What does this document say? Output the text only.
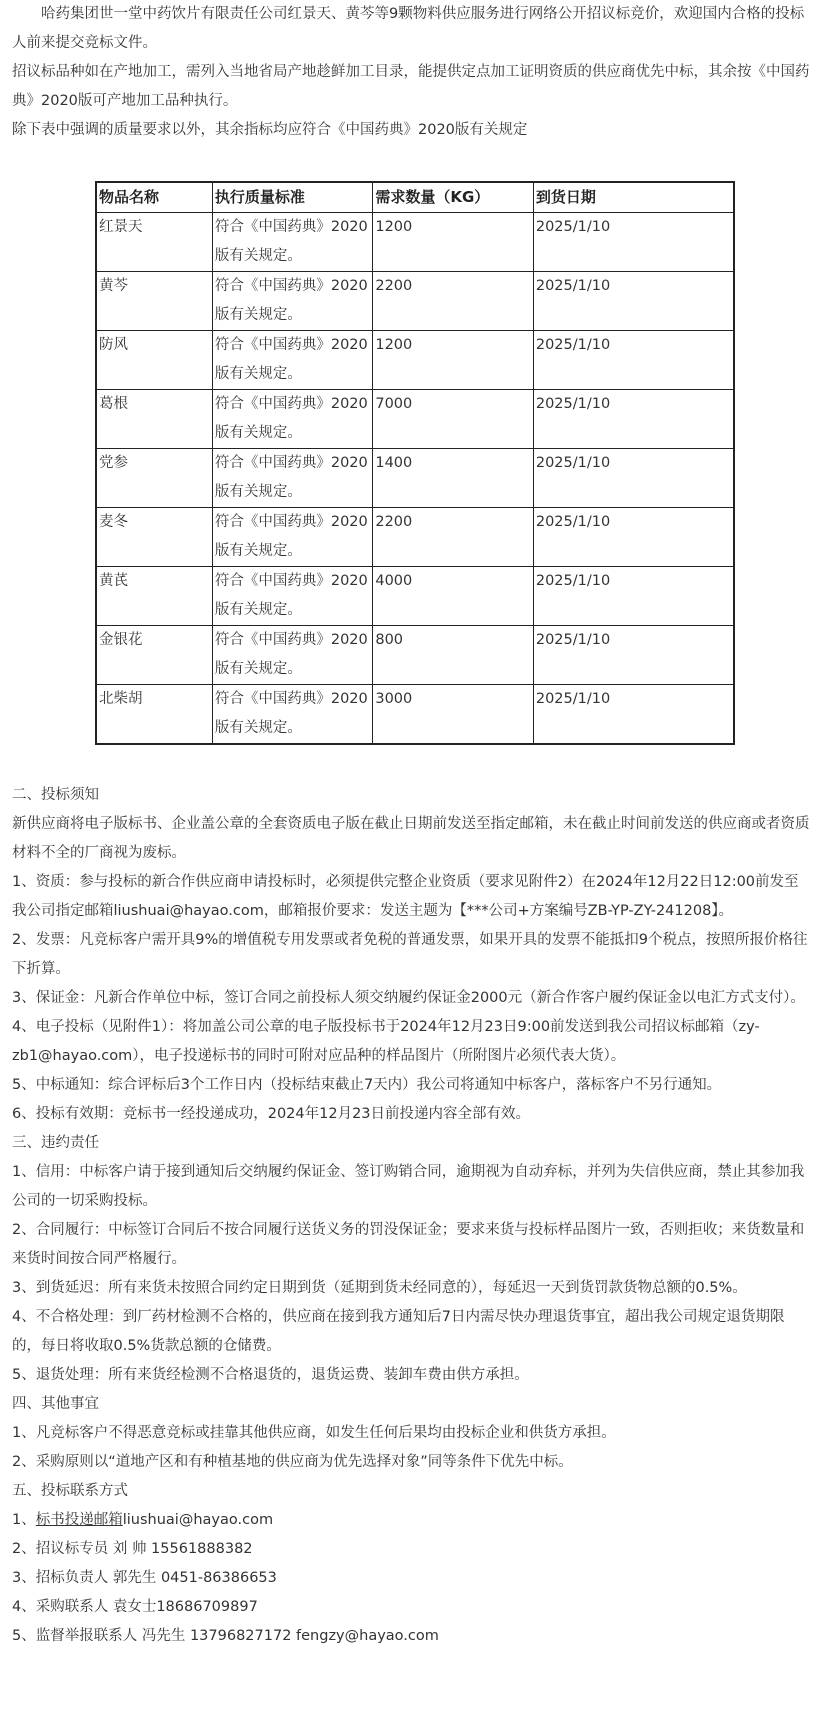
哈药集团世一堂中药饮片有限责任公司红景天、黄芩等9颗物料供应服务进行网络公开招议标竞价，欢迎国内合格的投标人前来提交竞标文件。

招议标品种如在产地加工，需列入当地省局产地趁鲜加工目录，能提供定点加工证明资质的供应商优先中标，其余按《中国药典》2020版可产地加工品种执行。

除下表中强调的质量要求以外，其余指标均应符合《中国药典》2020版有关规定

物品名称	执行质量标准	需求数量（KG）	到货日期
红景天	符合《中国药典》2020版有关规定。	1200	2025/1/10
黄芩	符合《中国药典》2020版有关规定。	2200	2025/1/10
防风	符合《中国药典》2020版有关规定。	1200	2025/1/10
葛根	符合《中国药典》2020版有关规定。	7000	2025/1/10
党参	符合《中国药典》2020版有关规定。	1400	2025/1/10
麦冬	符合《中国药典》2020版有关规定。	2200	2025/1/10
黄芪	符合《中国药典》2020版有关规定。	4000	2025/1/10
金银花	符合《中国药典》2020版有关规定。	800	2025/1/10
北柴胡	符合《中国药典》2020版有关规定。	3000	2025/1/10

二、投标须知

新供应商将电子版标书、企业盖公章的全套资质电子版在截止日期前发送至指定邮箱，未在截止时间前发送的供应商或者资质材料不全的厂商视为废标。

1、资质：参与投标的新合作供应商申请投标时，必须提供完整企业资质（要求见附件2）在2024年12月22日12:00前发至我公司指定邮箱liushuai@hayao.com，邮箱报价要求：发送主题为【***公司+方案编号ZB-YP-ZY-241208】。

2、发票：凡竞标客户需开具9%的增值税专用发票或者免税的普通发票，如果开具的发票不能抵扣9个税点，按照所报价格往下折算。

3、保证金：凡新合作单位中标，签订合同之前投标人须交纳履约保证金2000元（新合作客户履约保证金以电汇方式支付）。

4、电子投标（见附件1）：将加盖公司公章的电子版投标书于2024年12月23日9:00前发送到我公司招议标邮箱（zy-zb1@hayao.com），电子投递标书的同时可附对应品种的样品图片（所附图片必须代表大货）。

5、中标通知：综合评标后3个工作日内（投标结束截止7天内）我公司将通知中标客户，落标客户不另行通知。

6、投标有效期：竞标书一经投递成功，2024年12月23日前投递内容全部有效。

三、违约责任

1、信用：中标客户请于接到通知后交纳履约保证金、签订购销合同，逾期视为自动弃标，并列为失信供应商，禁止其参加我公司的一切采购投标。

2、合同履行：中标签订合同后不按合同履行送货义务的罚没保证金；要求来货与投标样品图片一致，否则拒收；来货数量和来货时间按合同严格履行。

3、到货延迟：所有来货未按照合同约定日期到货（延期到货未经同意的），每延迟一天到货罚款货物总额的0.5%。

4、不合格处理：到厂药材检测不合格的，供应商在接到我方通知后7日内需尽快办理退货事宜，超出我公司规定退货期限的，每日将收取0.5%货款总额的仓储费。

5、退货处理：所有来货经检测不合格退货的，退货运费、装卸车费由供方承担。

四、其他事宜

1、凡竞标客户不得恶意竞标或挂靠其他供应商，如发生任何后果均由投标企业和供货方承担。

2、采购原则以“道地产区和有种植基地的供应商为优先选择对象”同等条件下优先中标。

五、投标联系方式

1、标书投递邮箱liushuai@hayao.com

2、招议标专员 刘 帅 15561888382

3、招标负责人 郭先生 0451-86386653

4、采购联系人 袁女士18686709897

5、监督举报联系人 冯先生 13796827172 fengzy@hayao.com
